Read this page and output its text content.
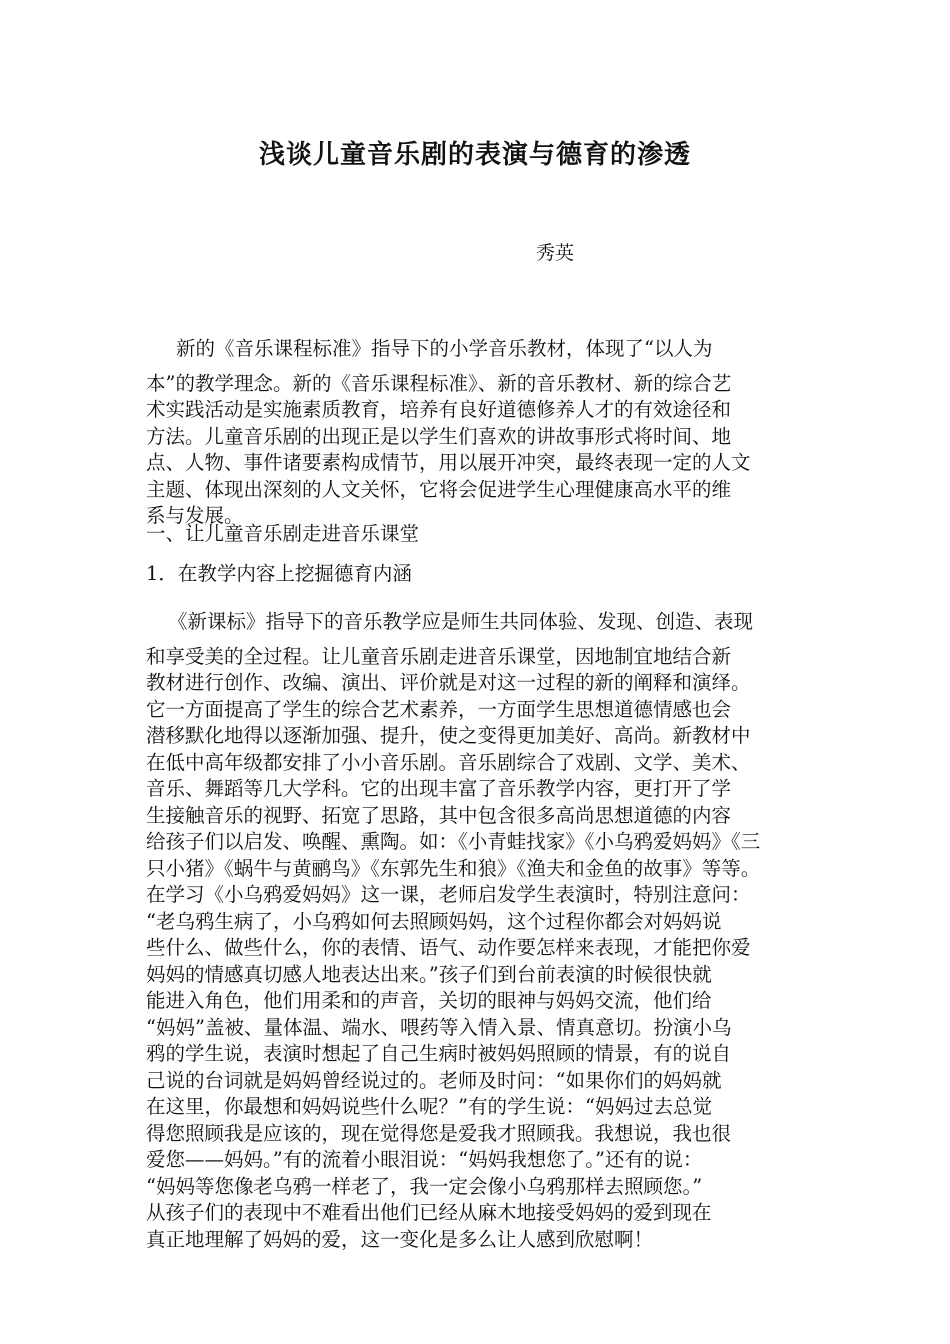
浅谈儿童音乐剧的表演与德育的渗透

秀英

新的《音乐课程标准》指导下的小学音乐教材，体现了“以人为
本”的教学理念。新的《音乐课程标准》、新的音乐教材、新的综合艺
术实践活动是实施素质教育，培养有良好道德修养人才的有效途径和
方法。儿童音乐剧的出现正是以学生们喜欢的讲故事形式将时间、地
点、人物、事件诸要素构成情节，用以展开冲突，最终表现一定的人文
主题、体现出深刻的人文关怀，它将会促进学生心理健康高水平的维
系与发展。
一、让儿童音乐剧走进音乐课堂
1．在教学内容上挖掘德育内涵
《新课标》指导下的音乐教学应是师生共同体验、发现、创造、表现
和享受美的全过程。让儿童音乐剧走进音乐课堂，因地制宜地结合新
教材进行创作、改编、演出、评价就是对这一过程的新的阐释和演绎。
它一方面提高了学生的综合艺术素养，一方面学生思想道德情感也会
潜移默化地得以逐渐加强、提升，使之变得更加美好、高尚。新教材中
在低中高年级都安排了小小音乐剧。音乐剧综合了戏剧、文学、美术、
音乐、舞蹈等几大学科。它的出现丰富了音乐教学内容，更打开了学
生接触音乐的视野、拓宽了思路，其中包含很多高尚思想道德的内容
给孩子们以启发、唤醒、熏陶。如：《小青蛙找家》《小乌鸦爱妈妈》《三
只小猪》《蜗牛与黄鹂鸟》《东郭先生和狼》《渔夫和金鱼的故事》等等。
在学习《小乌鸦爱妈妈》这一课，老师启发学生表演时，特别注意问：
“老乌鸦生病了，小乌鸦如何去照顾妈妈，这个过程你都会对妈妈说
些什么、做些什么，你的表情、语气、动作要怎样来表现，才能把你爱
妈妈的情感真切感人地表达出来。”孩子们到台前表演的时候很快就
能进入角色，他们用柔和的声音，关切的眼神与妈妈交流，他们给
“妈妈”盖被、量体温、端水、喂药等入情入景、情真意切。扮演小乌
鸦的学生说，表演时想起了自己生病时被妈妈照顾的情景，有的说自
己说的台词就是妈妈曾经说过的。老师及时问：“如果你们的妈妈就
在这里，你最想和妈妈说些什么呢？”有的学生说：“妈妈过去总觉
得您照顾我是应该的，现在觉得您是爱我才照顾我。我想说，我也很
爱您——妈妈。”有的流着小眼泪说：“妈妈我想您了。”还有的说：
“妈妈等您像老乌鸦一样老了，我一定会像小乌鸦那样去照顾您。”
从孩子们的表现中不难看出他们已经从麻木地接受妈妈的爱到现在
真正地理解了妈妈的爱，这一变化是多么让人感到欣慰啊！
